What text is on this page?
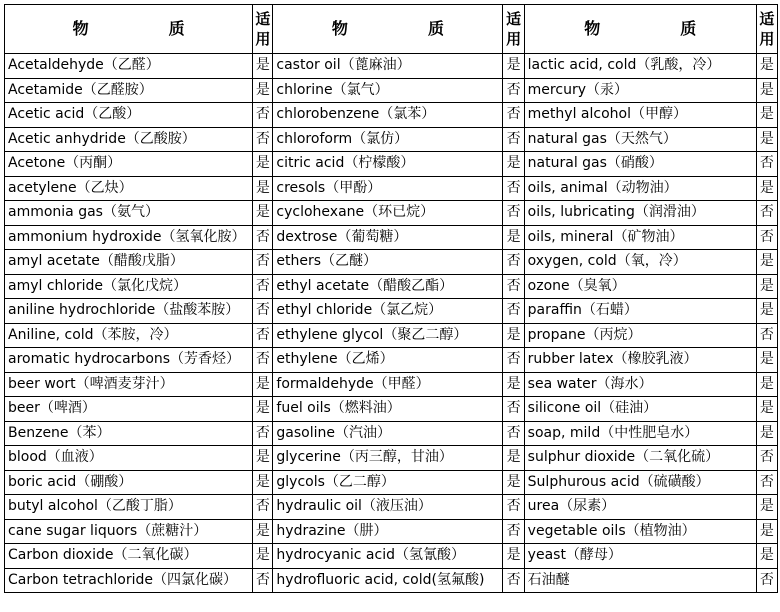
物 质	适用	物 质	适用	物 质	适用
Acetaldehyde（乙醛）	是	castor oil（蓖麻油）	是	lactic acid, cold（乳酸，冷）	是
Acetamide（乙醛胺）	是	chlorine（氯气）	否	mercury（汞）	是
Acetic acid（乙酸）	否	chlorobenzene（氯苯）	否	methyl alcohol（甲醇）	是
Acetic anhydride（乙酸胺）	否	chloroform（氯仿）	否	natural gas（天然气）	是
Acetone（丙酮）	是	citric acid（柠檬酸）	是	natural gas（硝酸）	否
acetylene（乙炔）	是	cresols（甲酚）	否	oils, animal（动物油）	是
ammonia gas（氨气）	是	cyclohexane（环已烷）	否	oils, lubricating（润滑油）	否
ammonium hydroxide（氢氧化胺）	否	dextrose（葡萄糖）	是	oils, mineral（矿物油）	否
amyl acetate（醋酸戊脂）	否	ethers（乙醚）	否	oxygen, cold（氧，冷）	是
amyl chloride（氯化戊烷）	否	ethyl acetate（醋酸乙酯）	否	ozone（臭氧）	是
aniline hydrochloride（盐酸苯胺）	否	ethyl chloride（氯乙烷）	否	paraffin（石蜡）	是
Aniline, cold（苯胺，冷）	否	ethylene glycol（聚乙二醇）	是	propane（丙烷）	否
aromatic hydrocarbons（芳香烃）	否	ethylene（乙烯）	否	rubber latex（橡胶乳液）	是
beer wort（啤酒麦芽汁）	是	formaldehyde（甲醛）	是	sea water（海水）	是
beer（啤酒）	是	fuel oils（燃料油）	否	silicone oil（硅油）	是
Benzene（苯）	否	gasoline（汽油）	否	soap, mild（中性肥皂水）	是
blood（血液）	是	glycerine（丙三醇，甘油）	是	sulphur dioxide（二氧化硫）	否
boric acid（硼酸）	是	glycols（乙二醇）	是	Sulphurous acid（硫磺酸）	否
butyl alcohol（乙酸丁脂）	否	hydraulic oil（液压油）	否	urea（尿素）	是
cane sugar liquors（蔗糖汁）	是	hydrazine（肼）	否	vegetable oils（植物油）	是
Carbon dioxide（二氧化碳）	是	hydrocyanic acid（氢氰酸）	是	yeast（酵母）	是
Carbon tetrachloride（四氯化碳）	否	hydrofluoric acid, cold(氢氟酸)	否	石油醚	否
